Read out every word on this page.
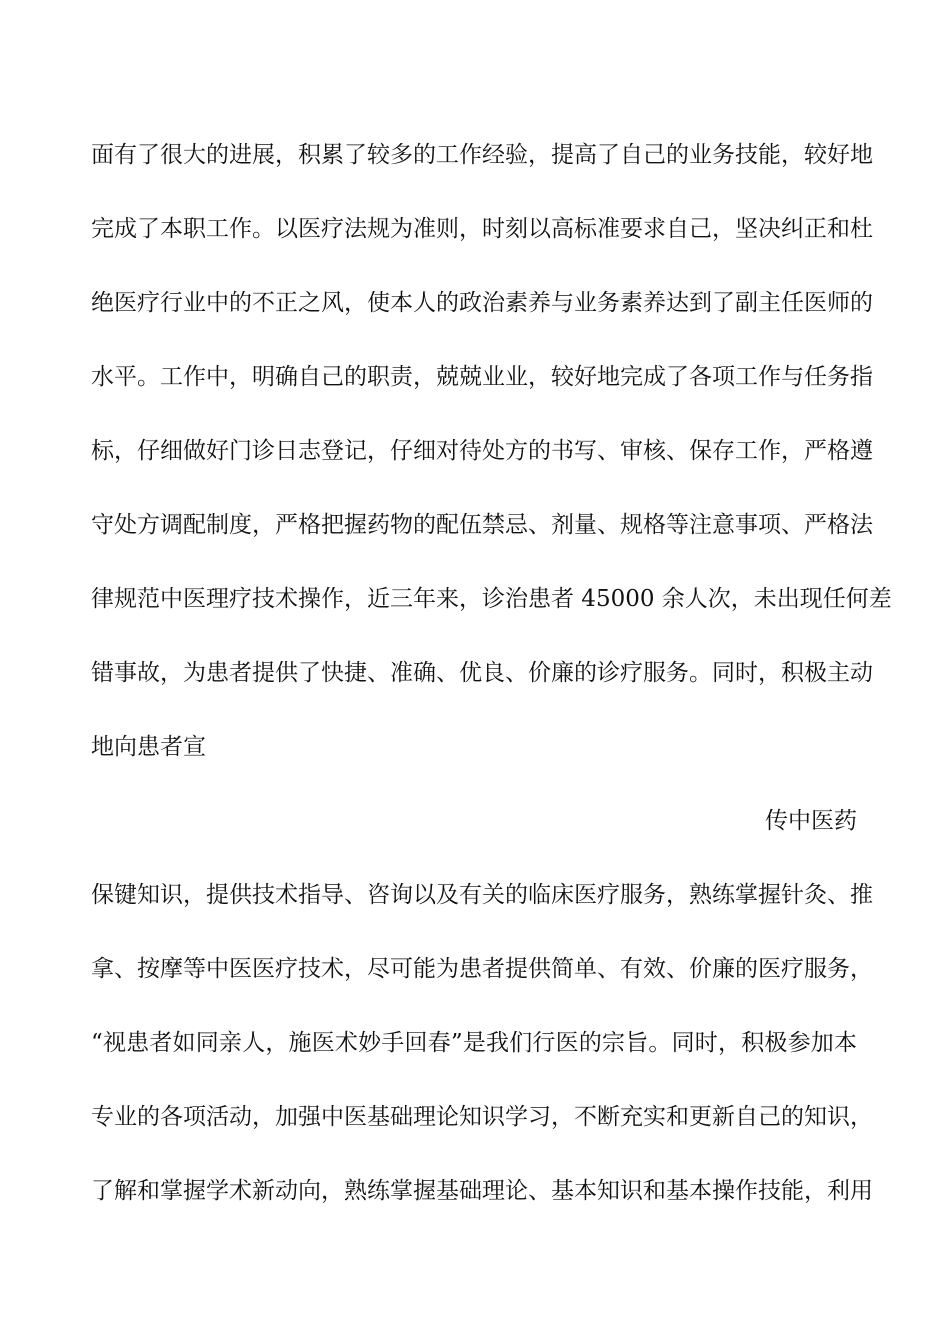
面有了很大的进展，积累了较多的工作经验，提高了自己的业务技能，较好地
完成了本职工作。以医疗法规为准则，时刻以高标准要求自己，坚决纠正和杜
绝医疗行业中的不正之风，使本人的政治素养与业务素养达到了副主任医师的
水平。工作中，明确自己的职责，兢兢业业，较好地完成了各项工作与任务指
标，仔细做好门诊日志登记，仔细对待处方的书写、审核、保存工作，严格遵
守处方调配制度，严格把握药物的配伍禁忌、剂量、规格等注意事项、严格法
律规范中医理疗技术操作，近三年来，诊治患者 45000 余人次，未出现任何差
错事故，为患者提供了快捷、准确、优良、价廉的诊疗服务。同时，积极主动
地向患者宣
传中医药
保键知识，提供技术指导、咨询以及有关的临床医疗服务，熟练掌握针灸、推
拿、按摩等中医医疗技术，尽可能为患者提供简单、有效、价廉的医疗服务，
“视患者如同亲人，施医术妙手回春”是我们行医的宗旨。同时，积极参加本
专业的各项活动，加强中医基础理论知识学习，不断充实和更新自己的知识，
了解和掌握学术新动向，熟练掌握基础理论、基本知识和基本操作技能，利用
